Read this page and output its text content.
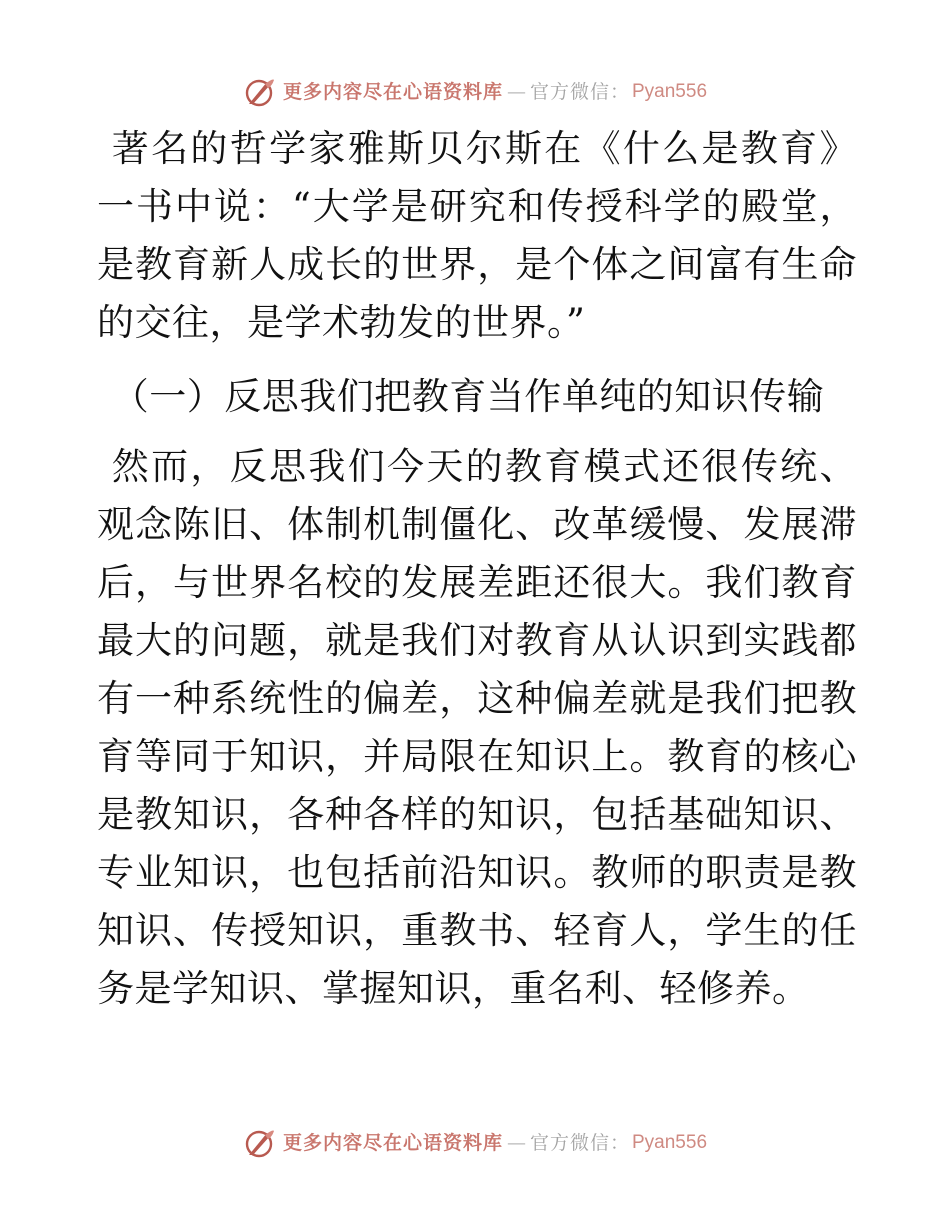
更多内容尽在心语资料库 — 官方微信： Pyan556

著名的哲学家雅斯贝尔斯在《什么是教育》一书中说：“大学是研究和传授科学的殿堂，是教育新人成长的世界，是个体之间富有生命的交往，是学术勃发的世界。”

（一）反思我们把教育当作单纯的知识传输

然而，反思我们今天的教育模式还很传统、观念陈旧、体制机制僵化、改革缓慢、发展滞后，与世界名校的发展差距还很大。我们教育最大的问题，就是我们对教育从认识到实践都有一种系统性的偏差，这种偏差就是我们把教育等同于知识，并局限在知识上。教育的核心是教知识，各种各样的知识，包括基础知识、专业知识，也包括前沿知识。教师的职责是教知识、传授知识，重教书、轻育人，学生的任务是学知识、掌握知识，重名利、轻修养。

更多内容尽在心语资料库 — 官方微信： Pyan556
